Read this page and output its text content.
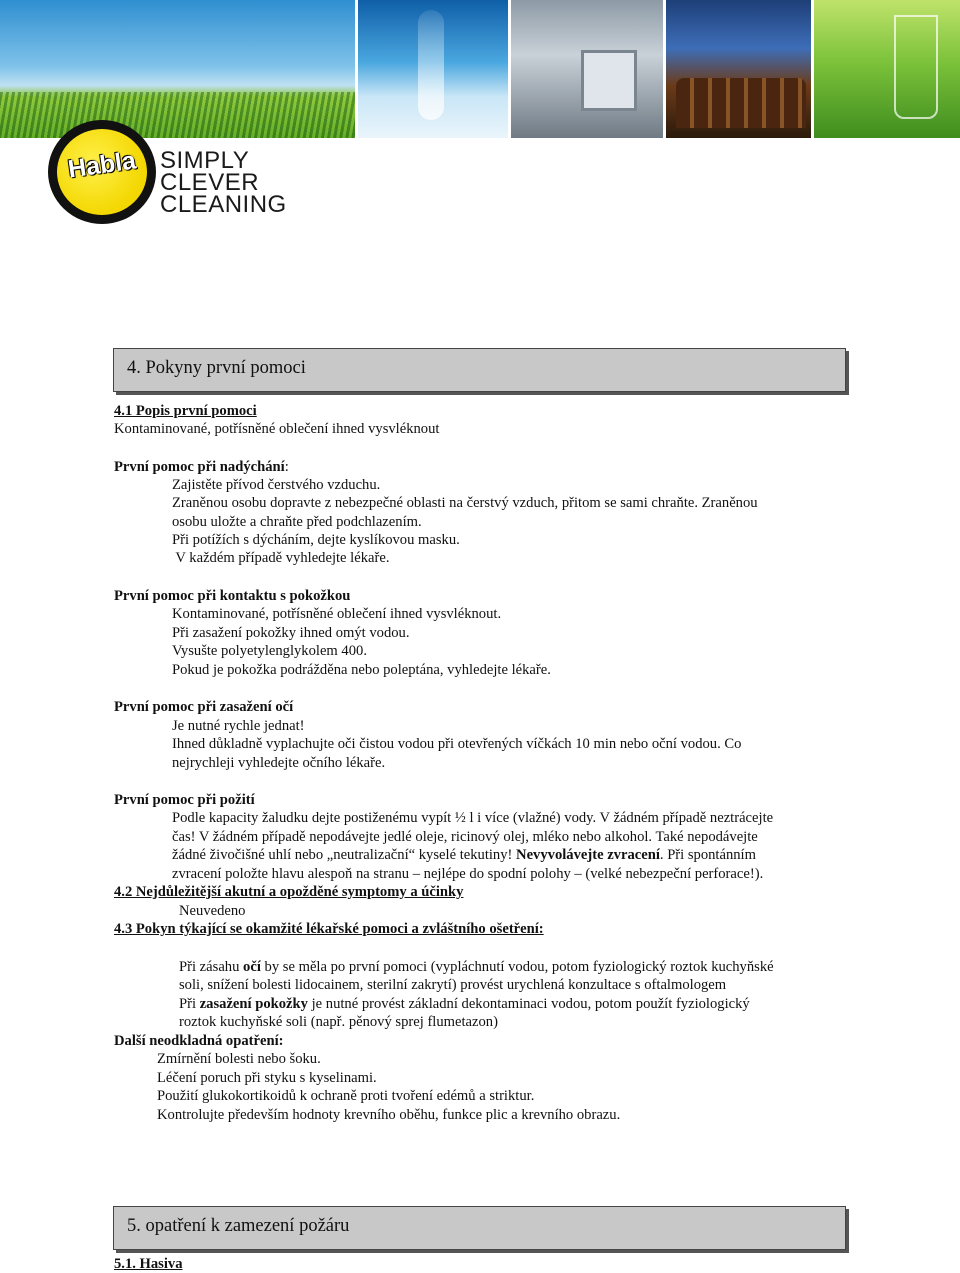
Habla SIMPLY
CLEVER
CLEANING
4. Pokyny první pomoci
4.1 Popis první pomoci
Kontaminované, potřísněné oblečení ihned vysvléknout
První pomoc při nadýchání:
Zajistěte přívod čerstvého vzduchu.
Zraněnou osobu dopravte z nebezpečné oblasti na čerstvý vzduch, přitom se sami chraňte. Zraněnou
osobu uložte a chraňte před podchlazením.
Při potížích s dýcháním, dejte kyslíkovou masku.
V každém případě vyhledejte lékaře.
První pomoc při kontaktu s pokožkou
Kontaminované, potřísněné oblečení ihned vysvléknout.
Při zasažení pokožky ihned omýt vodou.
Vysušte polyetylenglykolem 400.
Pokud je pokožka podrážděna nebo poleptána, vyhledejte lékaře.
První pomoc při zasažení očí
Je nutné rychle jednat!
Ihned důkladně vyplachujte oči čistou vodou při otevřených víčkách 10 min nebo oční vodou. Co
nejrychleji vyhledejte očního lékaře.
První pomoc při požití
Podle kapacity žaludku dejte postiženému vypít ½ l i více (vlažné) vody. V žádném případě neztrácejte
čas! V žádném případě nepodávejte jedlé oleje, ricinový olej, mléko nebo alkohol. Také nepodávejte
žádné živočišné uhlí nebo „neutralizační“ kyselé tekutiny! Nevyvolávejte zvracení. Při spontánním
zvracení položte hlavu alespoň na stranu – nejlépe do spodní polohy – (velké nebezpeční perforace!).
4.2 Nejdůležitější akutní a opožděné symptomy a účinky
Neuvedeno
4.3 Pokyn týkající se okamžité lékařské pomoci a zvláštního ošetření:
Při zásahu očí by se měla po první pomoci (vypláchnutí vodou, potom fyziologický roztok kuchyňské
soli, snížení bolesti lidocainem, sterilní zakrytí) provést urychlená konzultace s oftalmologem
Při zasažení pokožky je nutné provést základní dekontaminaci vodou, potom použít fyziologický
roztok kuchyňské soli (např. pěnový sprej flumetazon)
Další neodkladná opatření:
Zmírnění bolesti nebo šoku.
Léčení poruch při styku s kyselinami.
Použití glukokortikoidů k ochraně proti tvoření edémů a striktur.
Kontrolujte především hodnoty krevního oběhu, funkce plic a krevního obrazu.
5. opatření k zamezení požáru
5.1. Hasiva
